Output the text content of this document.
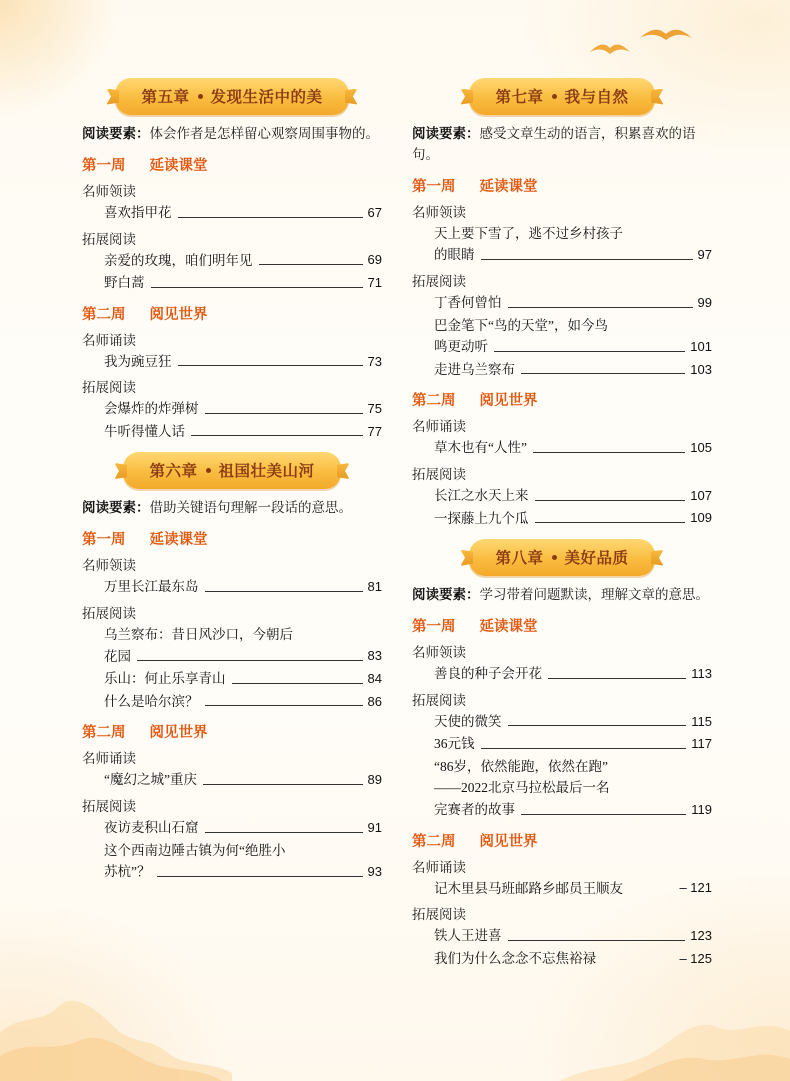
第五章 发现生活中的美

阅读要素：体会作者是怎样留心观察周围事物的。

第一周 延读课堂
名师领读
喜欢指甲花	67
拓展阅读
亲爱的玫瑰，咱们明年见	69
野白蒿	71
第二周 阅见世界
名师诵读
我为豌豆狂	73
拓展阅读
会爆炸的炸弹树	75
牛听得懂人话	77
第六章 祖国壮美山河

阅读要素：借助关键语句理解一段话的意思。

第一周 延读课堂
名师领读
万里长江最东岛	81
拓展阅读
乌兰察布：昔日风沙口，今朝后
花园	83
乐山：何止乐享青山	84
什么是哈尔滨？	86
第二周 阅见世界
名师诵读
“魔幻之城”重庆	89
拓展阅读
夜访麦积山石窟	91
这个西南边陲古镇为何“绝胜小
苏杭”？	93
第七章 我与自然

阅读要素：感受文章生动的语言，积累喜欢的语句。

第一周 延读课堂
名师领读
天上要下雪了，逃不过乡村孩子
的眼睛	97
拓展阅读
丁香何曾怕	99
巴金笔下“鸟的天堂”，如今鸟
鸣更动听	101
走进乌兰察布	103
第二周 阅见世界
名师诵读
草木也有“人性”	105
拓展阅读
长江之水天上来	107
一探藤上九个瓜	109
第八章 美好品质

阅读要素：学习带着问题默读，理解文章的意思。

第一周 延读课堂
名师领读
善良的种子会开花	113
拓展阅读
天使的微笑	115
36元钱	117
“86岁，依然能跑，依然在跑”
——2022北京马拉松最后一名
完赛者的故事	119
第二周 阅见世界
名师诵读
记木里县马班邮路乡邮员王顺友	– 121
拓展阅读
铁人王进喜	123
我们为什么念念不忘焦裕禄	– 125
